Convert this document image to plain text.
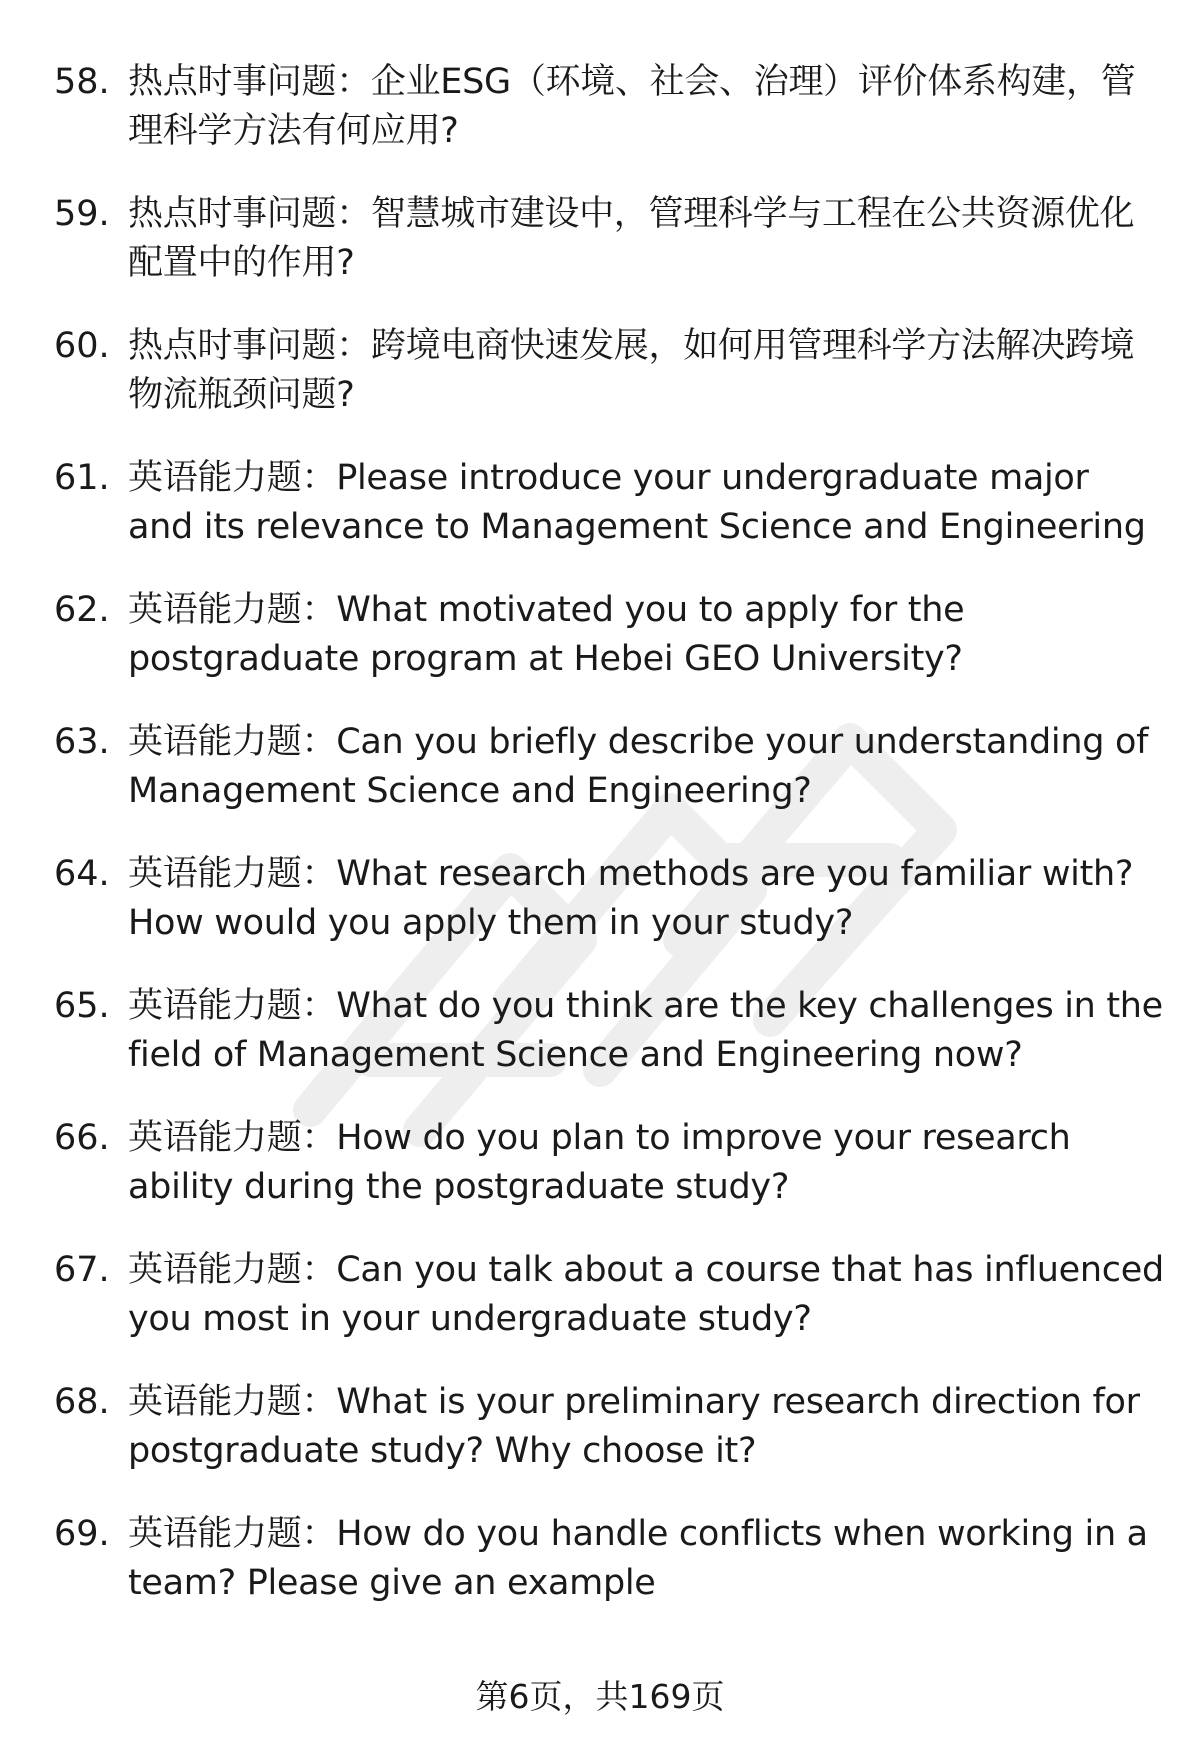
58. 热点时事问题：企业ESG（环境、社会、治理）评价体系构建，管理科学方法有何应用?
59. 热点时事问题：智慧城市建设中，管理科学与工程在公共资源优化配置中的作用?
60. 热点时事问题：跨境电商快速发展，如何用管理科学方法解决跨境物流瓶颈问题?
61. 英语能力题：Please introduce your undergraduate major and its relevance to Management Science and Engineering
62. 英语能力题：What motivated you to apply for the postgraduate program at Hebei GEO University?
63. 英语能力题：Can you briefly describe your understanding of Management Science and Engineering?
64. 英语能力题：What research methods are you familiar with? How would you apply them in your study?
65. 英语能力题：What do you think are the key challenges in the field of Management Science and Engineering now?
66. 英语能力题：How do you plan to improve your research ability during the postgraduate study?
67. 英语能力题：Can you talk about a course that has influenced you most in your undergraduate study?
68. 英语能力题：What is your preliminary research direction for postgraduate study? Why choose it?
69. 英语能力题：How do you handle conflicts when working in a team? Please give an example
第6页，共169页
